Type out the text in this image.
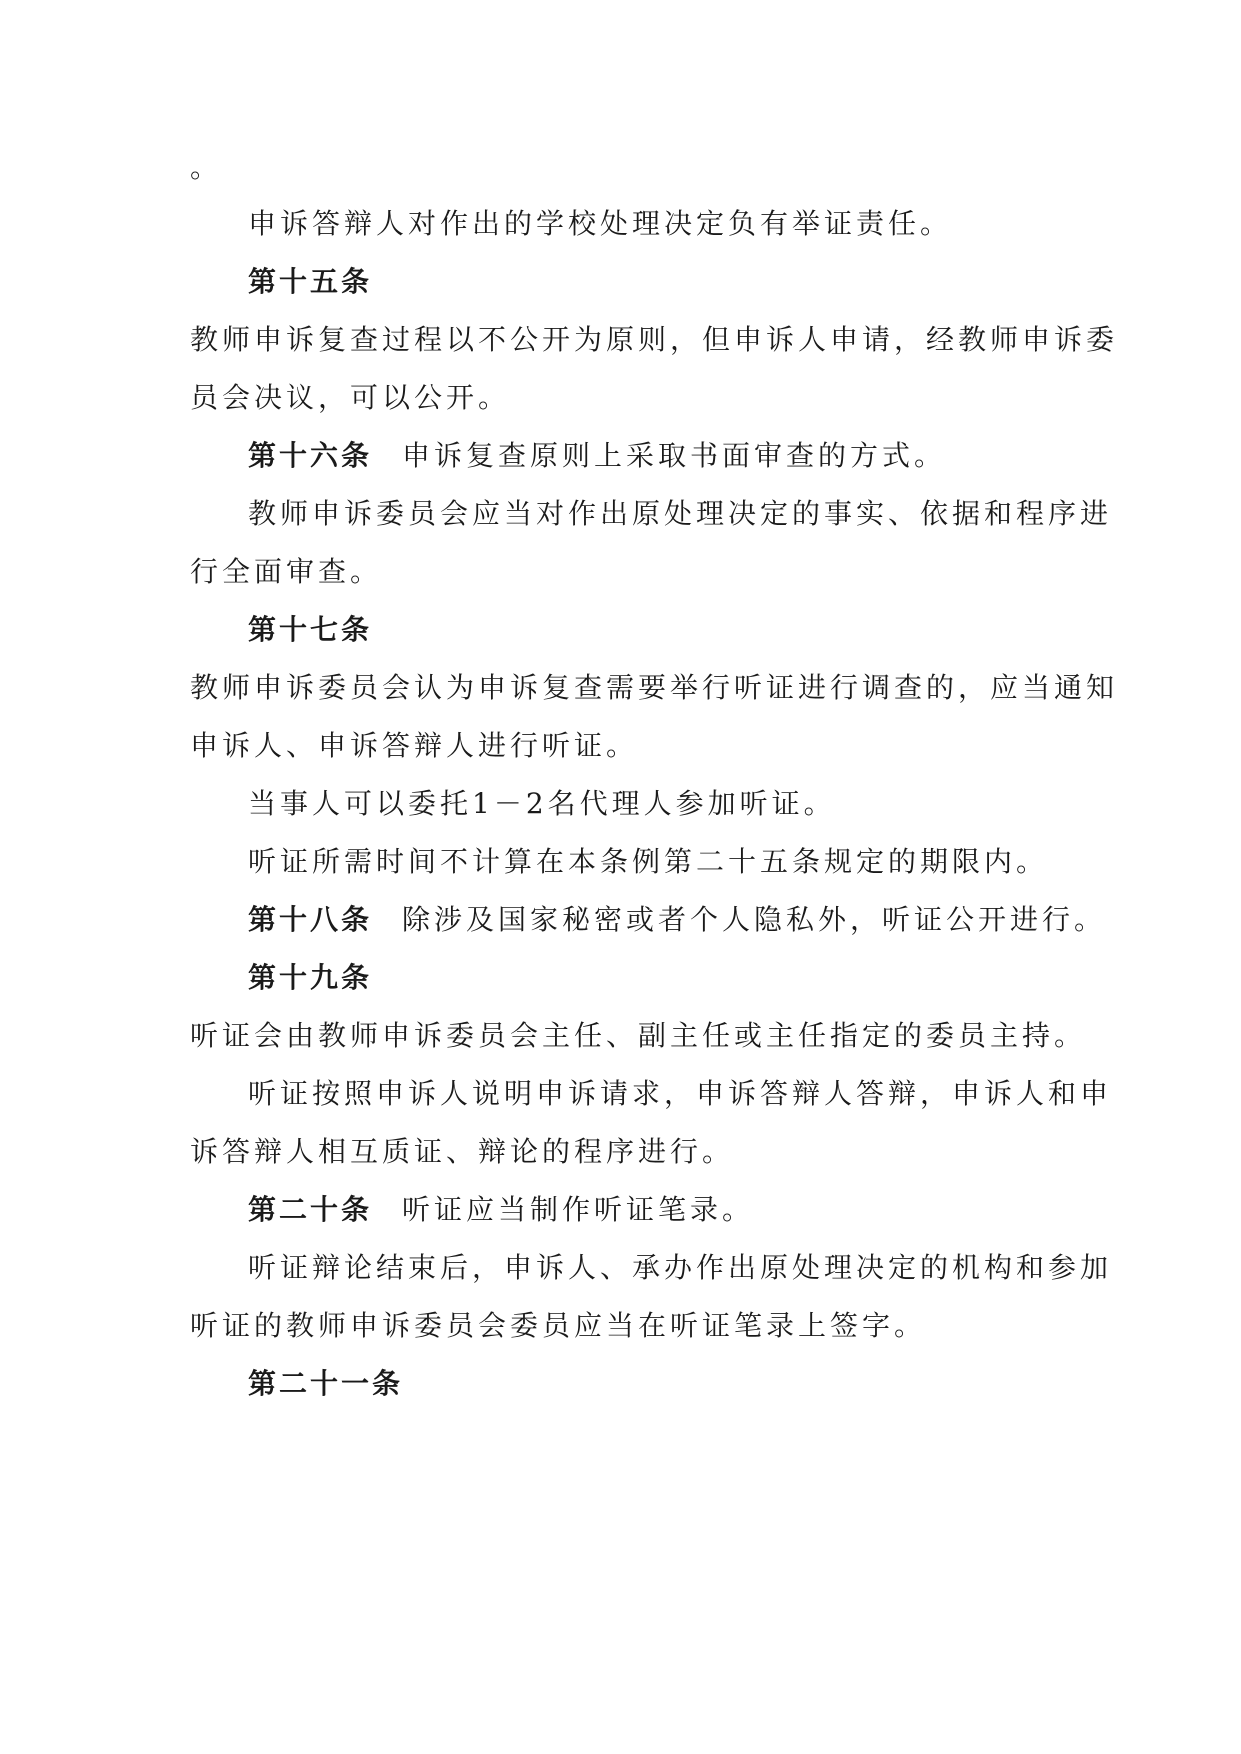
。
申诉答辩人对作出的学校处理决定负有举证责任。
第十五条
教师申诉复查过程以不公开为原则，但申诉人申请，经教师申诉委
员会决议，可以公开。
第十六条 申诉复查原则上采取书面审查的方式。
教师申诉委员会应当对作出原处理决定的事实、依据和程序进
行全面审查。
第十七条
教师申诉委员会认为申诉复查需要举行听证进行调查的，应当通知
申诉人、申诉答辩人进行听证。
当事人可以委托1－2名代理人参加听证。
听证所需时间不计算在本条例第二十五条规定的期限内。
第十八条 除涉及国家秘密或者个人隐私外，听证公开进行。
第十九条
听证会由教师申诉委员会主任、副主任或主任指定的委员主持。
听证按照申诉人说明申诉请求，申诉答辩人答辩，申诉人和申
诉答辩人相互质证、辩论的程序进行。
第二十条 听证应当制作听证笔录。
听证辩论结束后，申诉人、承办作出原处理决定的机构和参加
听证的教师申诉委员会委员应当在听证笔录上签字。
第二十一条
